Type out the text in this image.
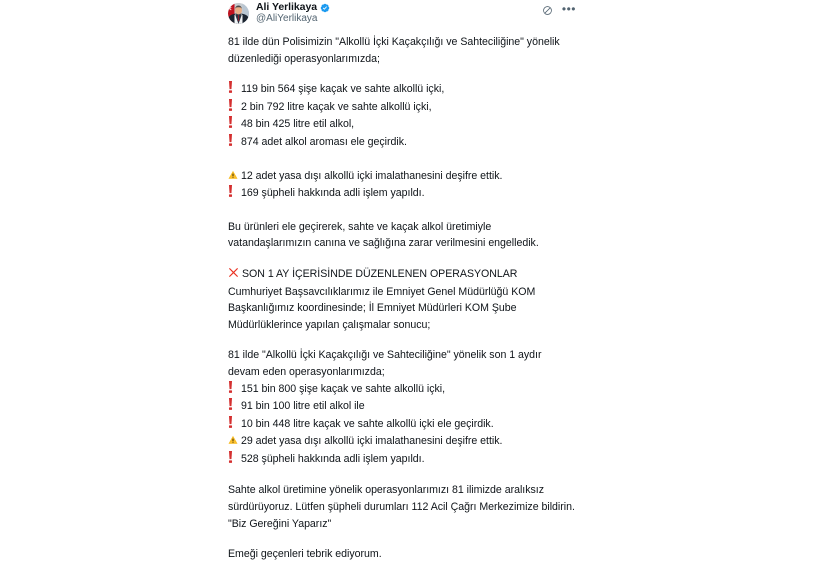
Ali Yerlikaya
@AliYerlikaya
•••

81 ilde dün Polisimizin "Alkollü İçki Kaçakçılığı ve Sahteciliğine" yönelik düzenlediği operasyonlarımızda;

119 bin 564 şişe kaçak ve sahte alkollü içki,
2 bin 792 litre kaçak ve sahte alkollü içki,
48 bin 425 litre etil alkol,
874 adet alkol aroması ele geçirdik.
12 adet yasa dışı alkollü içki imalathanesini deşifre ettik.
169 şüpheli hakkında adli işlem yapıldı.

Bu ürünleri ele geçirerek, sahte ve kaçak alkol üretimiyle vatandaşlarımızın canına ve sağlığına zarar verilmesini engelledik.

SON 1 AY İÇERİSİNDE DÜZENLENEN OPERASYONLAR

Cumhuriyet Başsavcılıklarımız ile Emniyet Genel Müdürlüğü KOM Başkanlığımız koordinesinde; İl Emniyet Müdürleri KOM Şube Müdürlüklerince yapılan çalışmalar sonucu;

81 ilde "Alkollü İçki Kaçakçılığı ve Sahteciliğine" yönelik son 1 aydır devam eden operasyonlarımızda;

151 bin 800 şişe kaçak ve sahte alkollü içki,
91 bin 100 litre etil alkol ile
10 bin 448 litre kaçak ve sahte alkollü içki ele geçirdik.
29 adet yasa dışı alkollü içki imalathanesini deşifre ettik.
528 şüpheli hakkında adli işlem yapıldı.

Sahte alkol üretimine yönelik operasyonlarımızı 81 ilimizde aralıksız sürdürüyoruz. Lütfen şüpheli durumları 112 Acil Çağrı Merkezimize bildirin. "Biz Gereğini Yaparız"

Emeği geçenleri tebrik ediyorum.
